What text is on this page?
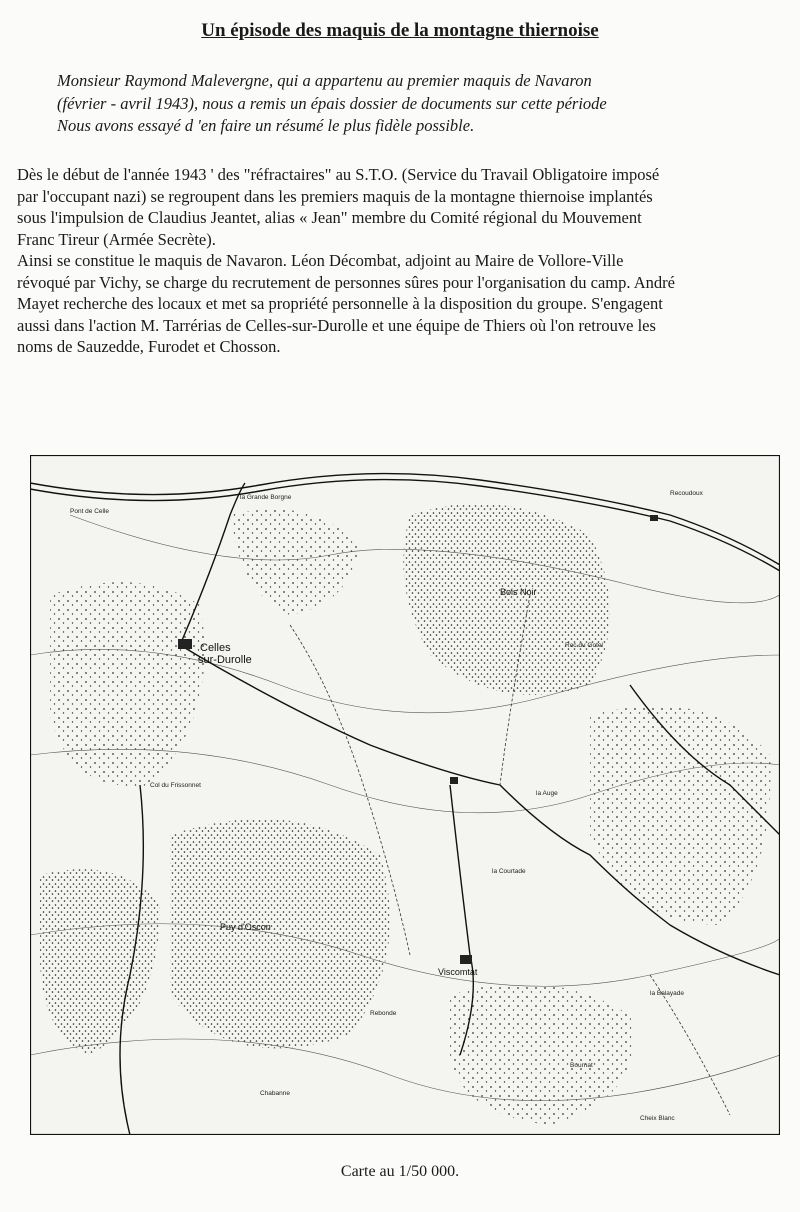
Un épisode des maquis de la montagne thiernoise

Monsieur Raymond Malevergne, qui a appartenu au premier maquis de Navaron

(février - avril 1943), nous a remis un épais dossier de documents sur cette période

Nous avons essayé d 'en faire un résumé le plus fidèle possible.

Dès le début de l'année 1943 ' des "réfractaires" au S.T.O. (Service du Travail Obligatoire imposé

par l'occupant nazi) se regroupent dans les premiers maquis de la montagne thiernoise implantés

sous l'impulsion de Claudius Jeantet, alias « Jean" membre du Comité régional du Mouvement

Franc Tireur (Armée Secrète).

Ainsi se constitue le maquis de Navaron. Léon Décombat, adjoint au Maire de Vollore-Ville

révoqué par Vichy, se charge du recrutement de personnes sûres pour l'organisation du camp. André

Mayet recherche des locaux et met sa propriété personnelle à la disposition du groupe. S'engagent

aussi dans l'action M. Tarrérias de Celles-sur-Durolle et une équipe de Thiers où l'on retrouve les

noms de Sauzedde, Furodet et Chosson.

Celles
sur-Durolle
Viscomtat
Puy d'Oscon
Bois Noir
Roc du Gotel
Cheix Blanc
Col du Frissonnet
la Courtade
la Auge
la Grande Borgne
Pont de Celle
la Balayade
Recoudoux
Rebonde
Bournat
Chabanne
Carte au 1/50 000.
